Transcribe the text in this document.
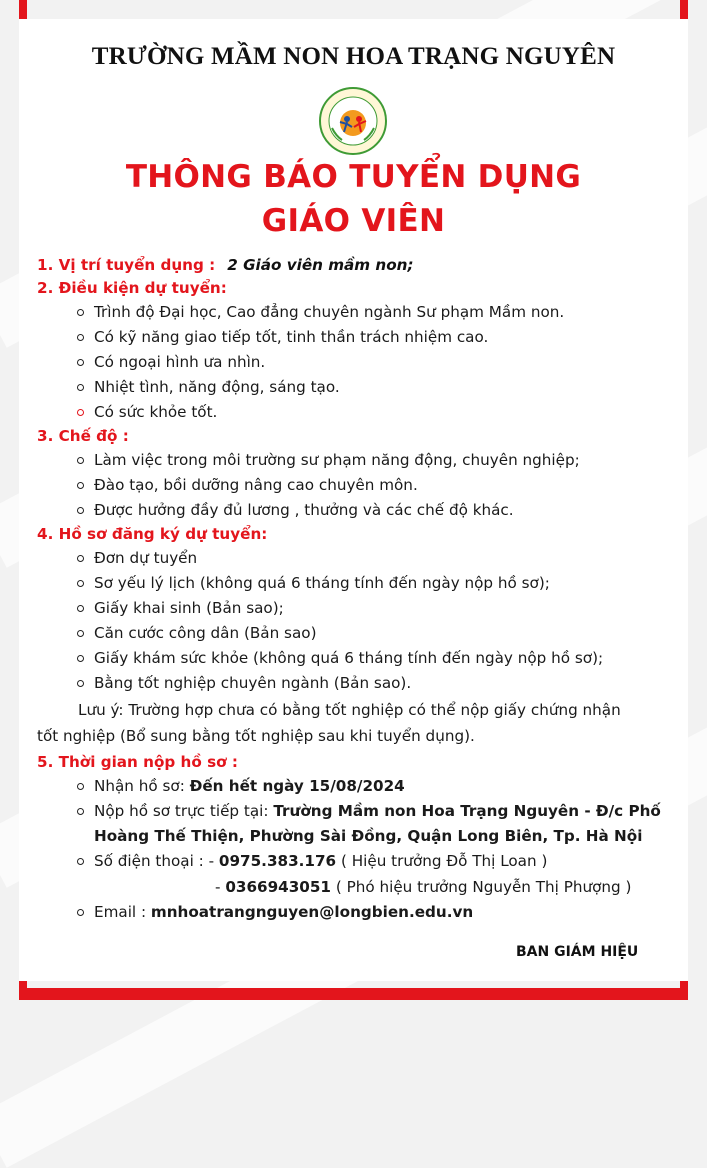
TRƯỜNG MẦM NON HOA TRẠNG NGUYÊN
THÔNG BÁO TUYỂN DỤNG
GIÁO VIÊN
1. Vị trí tuyển dụng : 2 Giáo viên mầm non;
2. Điều kiện dự tuyển:
Trình độ Đại học, Cao đẳng chuyên ngành Sư phạm Mầm non.
Có kỹ năng giao tiếp tốt, tinh thần trách nhiệm cao.
Có ngoại hình ưa nhìn.
Nhiệt tình, năng động, sáng tạo.
Có sức khỏe tốt.
3. Chế độ :
Làm việc trong môi trường sư phạm năng động, chuyên nghiệp;
Đào tạo, bồi dưỡng nâng cao chuyên môn.
Được hưởng đầy đủ lương , thưởng và các chế độ khác.
4. Hồ sơ đăng ký dự tuyển:
Đơn dự tuyển
Sơ yếu lý lịch (không quá 6 tháng tính đến ngày nộp hồ sơ);
Giấy khai sinh (Bản sao);
Căn cước công dân (Bản sao)
Giấy khám sức khỏe (không quá 6 tháng tính đến ngày nộp hồ sơ);
Bằng tốt nghiệp chuyên ngành (Bản sao).
Lưu ý: Trường hợp chưa có bằng tốt nghiệp có thể nộp giấy chứng nhận
tốt nghiệp (Bổ sung bằng tốt nghiệp sau khi tuyển dụng).
5. Thời gian nộp hồ sơ :
Nhận hồ sơ: Đến hết ngày 15/08/2024
Nộp hồ sơ trực tiếp tại: Trường Mầm non Hoa Trạng Nguyên - Đ/c Phố
Hoàng Thế Thiện, Phường Sài Đồng, Quận Long Biên, Tp. Hà Nội
Số điện thoại : - 0975.383.176 ( Hiệu trưởng Đỗ Thị Loan )
- 0366943051 ( Phó hiệu trưởng Nguyễn Thị Phượng )
Email : mnhoatrangnguyen@longbien.edu.vn
BAN GIÁM HIỆU
